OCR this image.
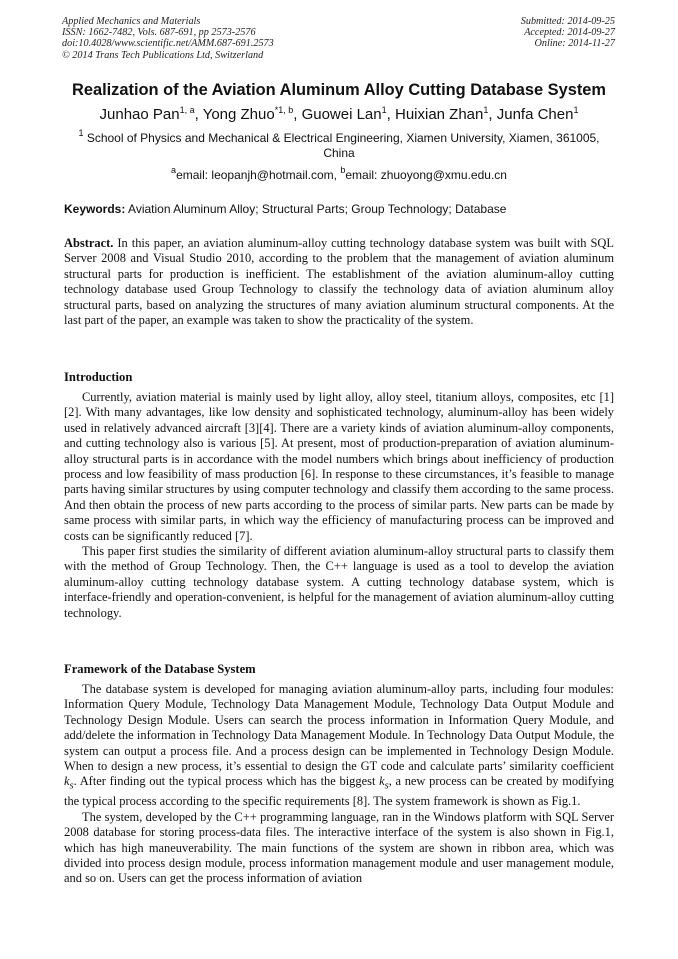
Applied Mechanics and Materials
ISSN: 1662-7482, Vols. 687-691, pp 2573-2576
doi:10.4028/www.scientific.net/AMM.687-691.2573
© 2014 Trans Tech Publications Ltd, Switzerland
Submitted: 2014-09-25
Accepted: 2014-09-27
Online: 2014-11-27
Realization of the Aviation Aluminum Alloy Cutting Database System
Junhao Pan$^{1, a}$, Yong Zhuo$^{*1, b}$, Guowei Lan$^1$, Huixian Zhan$^1$, Junfa Chen$^1$
$^1$ School of Physics and Mechanical & Electrical Engineering, Xiamen University, Xiamen, 361005, China
$^a$email: leopanjh@hotmail.com, $^b$email: zhuoyong@xmu.edu.cn
Keywords: Aviation Aluminum Alloy; Structural Parts; Group Technology; Database

Abstract. In this paper, an aviation aluminum-alloy cutting technology database system was built with SQL Server 2008 and Visual Studio 2010, according to the problem that the management of aviation aluminum structural parts for production is inefficient. The establishment of the aviation aluminum-alloy cutting technology database used Group Technology to classify the technology data of aviation aluminum alloy structural parts, based on analyzing the structures of many aviation aluminum structural components. At the last part of the paper, an example was taken to show the practicality of the system.

Introduction

Currently, aviation material is mainly used by light alloy, alloy steel, titanium alloys, composites, etc [1][2]. With many advantages, like low density and sophisticated technology, aluminum-alloy has been widely used in relatively advanced aircraft [3][4]. There are a variety kinds of aviation aluminum-alloy components, and cutting technology also is various [5]. At present, most of production-preparation of aviation aluminum-alloy structural parts is in accordance with the model numbers which brings about inefficiency of production process and low feasibility of mass production [6]. In response to these circumstances, it’s feasible to manage parts having similar structures by using computer technology and classify them according to the same process. And then obtain the process of new parts according to the process of similar parts. New parts can be made by same process with similar parts, in which way the efficiency of manufacturing process can be improved and costs can be significantly reduced [7].

This paper first studies the similarity of different aviation aluminum-alloy structural parts to classify them with the method of Group Technology. Then, the C++ language is used as a tool to develop the aviation aluminum-alloy cutting technology database system. A cutting technology database system, which is interface-friendly and operation-convenient, is helpful for the management of aviation aluminum-alloy cutting technology.

Framework of the Database System

The database system is developed for managing aviation aluminum-alloy parts, including four modules: Information Query Module, Technology Data Management Module, Technology Data Output Module and Technology Design Module. Users can search the process information in Information Query Module, and add/delete the information in Technology Data Management Module. In Technology Data Output Module, the system can output a process file. And a process design can be implemented in Technology Design Module. When to design a new process, it’s essential to design the GT code and calculate parts’ similarity coefficient $k_s$. After finding out the typical process which has the biggest $k_s$, a new process can be created by modifying the typical process according to the specific requirements [8]. The system framework is shown as Fig.1.

The system, developed by the C++ programming language, ran in the Windows platform with SQL Server 2008 database for storing process-data files. The interactive interface of the system is also shown in Fig.1, which has high maneuverability. The main functions of the system are shown in ribbon area, which was divided into process design module, process information management module and user management module, and so on. Users can get the process information of aviation
